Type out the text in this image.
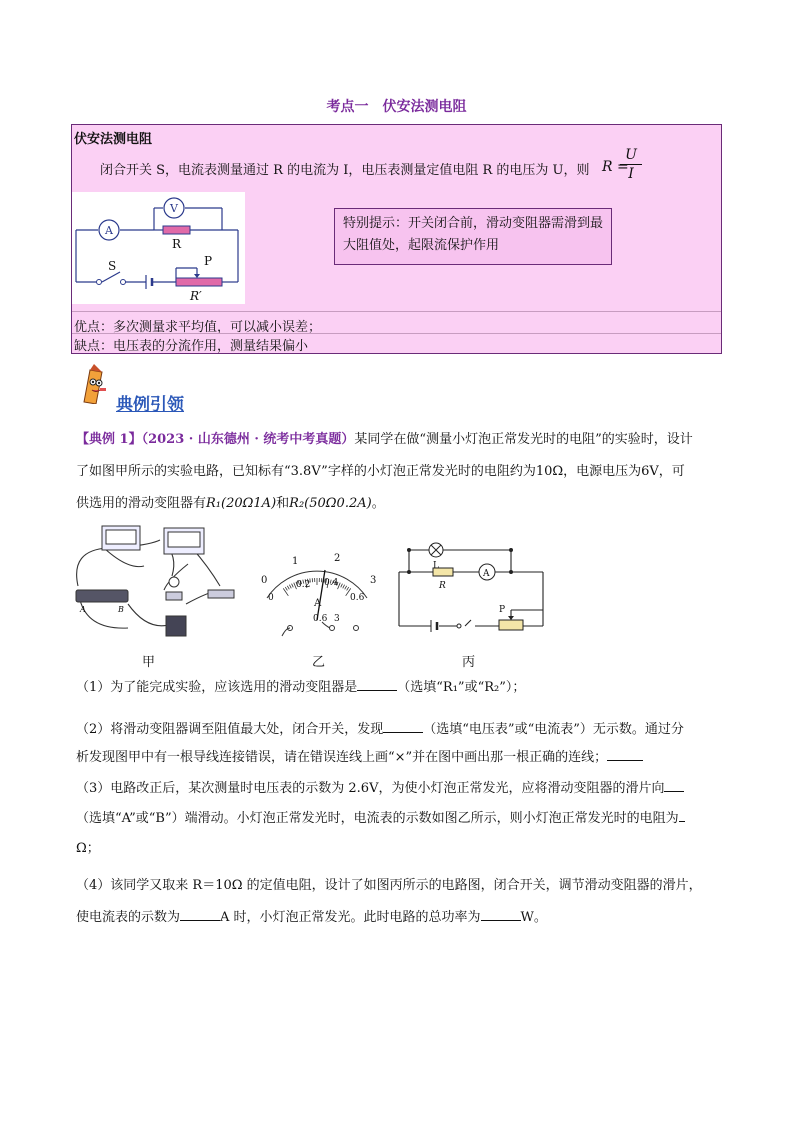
考点一　伏安法测电阻
伏安法测电阻
闭合开关 S，电流表测量通过 R 的电流为 I，电压表测量定值电阻 R 的电压为 U，则 R =
U
I
A
V
R
S	P
R′
特别提示：开关闭合前，滑动变阻器需滑到最大阻值处，起限流保护作用
优点：多次测量求平均值，可以减小误差；
缺点：电压表的分流作用，测量结果偏小
典例引领
【典例 1】（2023 · 山东德州 · 统考中考真题）某同学在做“测量小灯泡正常发光时的电阻”的实验时，设计
了如图甲所示的实验电路，已知标有“3.8V”字样的小灯泡正常发光时的电阻约为10Ω，电源电压为6V，可
供选用的滑动变阻器有R₁(20Ω1A)和R₂(50Ω0.2A)。
A	B
0
1	2
3
0
0.2 0.4
0.6
A
0.6 3
L
R
A
P
甲	乙	丙
（1）为了能完成实验，应该选用的滑动变阻器是	（选填“R₁”或“R₂”）；
（2）将滑动变阻器调至阻值最大处，闭合开关，发现	（选填“电压表”或“电流表”）无示数。通过分
析发现图甲中有一根导线连接错误，请在错误连线上画“×”并在图中画出那一根正确的连线；
（3）电路改正后，某次测量时电压表的示数为 2.6V，为使小灯泡正常发光，应将滑动变阻器的滑片向
（选填“A”或“B”）端滑动。小灯泡正常发光时，电流表的示数如图乙所示，则小灯泡正常发光时的电阻为
Ω；
（4）该同学又取来 R＝10Ω 的定值电阻，设计了如图丙所示的电路图，闭合开关，调节滑动变阻器的滑片，
使电流表的示数为	A 时，小灯泡正常发光。此时电路的总功率为	W。
